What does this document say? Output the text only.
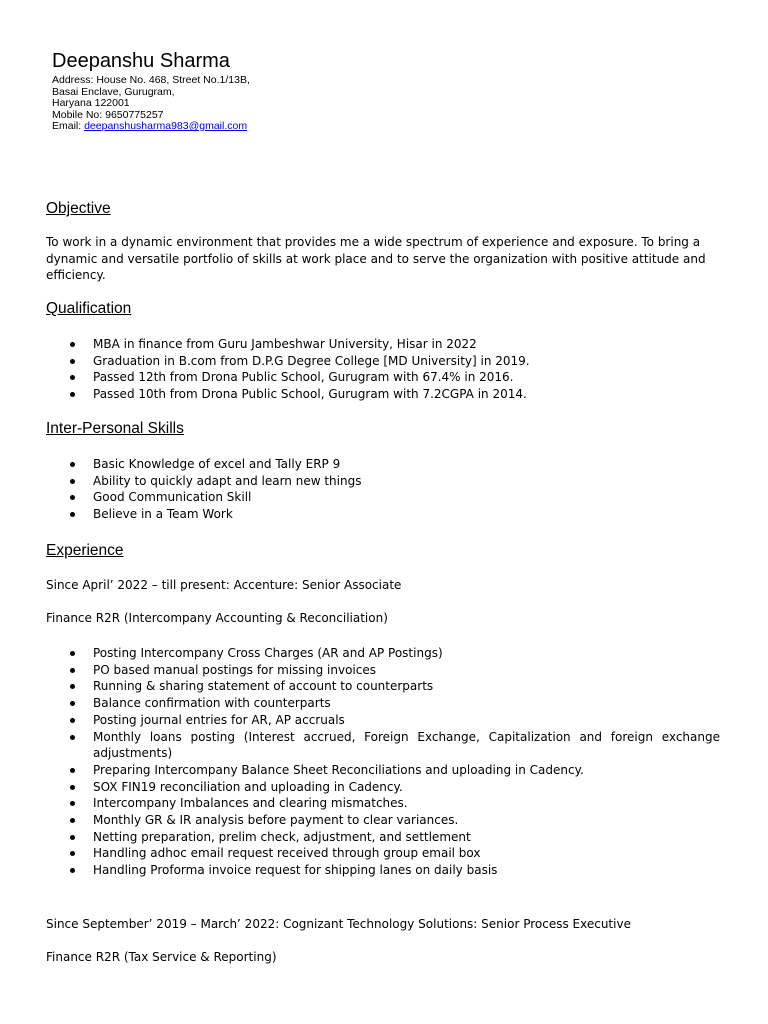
Deepanshu Sharma
Address: House No. 468, Street No.1/13B,
Basai Enclave, Gurugram,
Haryana 122001
Mobile No: 9650775257
Email: deepanshusharma983@gmail.com
Objective
To work in a dynamic environment that provides me a wide spectrum of experience and exposure. To bring a dynamic and versatile portfolio of skills at work place and to serve the organization with positive attitude and efficiency.
Qualification
MBA in finance from Guru Jambeshwar University, Hisar in 2022
Graduation in B.com from D.P.G Degree College [MD University] in 2019.
Passed 12th from Drona Public School, Gurugram with 67.4% in 2016.
Passed 10th from Drona Public School, Gurugram with 7.2CGPA in 2014.
Inter-Personal Skills
Basic Knowledge of excel and Tally ERP 9
Ability to quickly adapt and learn new things
Good Communication Skill
Believe in a Team Work
Experience
Since April’ 2022 – till present: Accenture: Senior Associate
Finance R2R (Intercompany Accounting & Reconciliation)
Posting Intercompany Cross Charges (AR and AP Postings)
PO based manual postings for missing invoices
Running & sharing statement of account to counterparts
Balance confirmation with counterparts
Posting journal entries for AR, AP accruals
Monthly loans posting (Interest accrued, Foreign Exchange, Capitalization and foreign exchange adjustments)
Preparing Intercompany Balance Sheet Reconciliations and uploading in Cadency.
SOX FIN19 reconciliation and uploading in Cadency.
Intercompany Imbalances and clearing mismatches.
Monthly GR & IR analysis before payment to clear variances.
Netting preparation, prelim check, adjustment, and settlement
Handling adhoc email request received through group email box
Handling Proforma invoice request for shipping lanes on daily basis
Since September’ 2019 – March’ 2022: Cognizant Technology Solutions: Senior Process Executive
Finance R2R (Tax Service & Reporting)
